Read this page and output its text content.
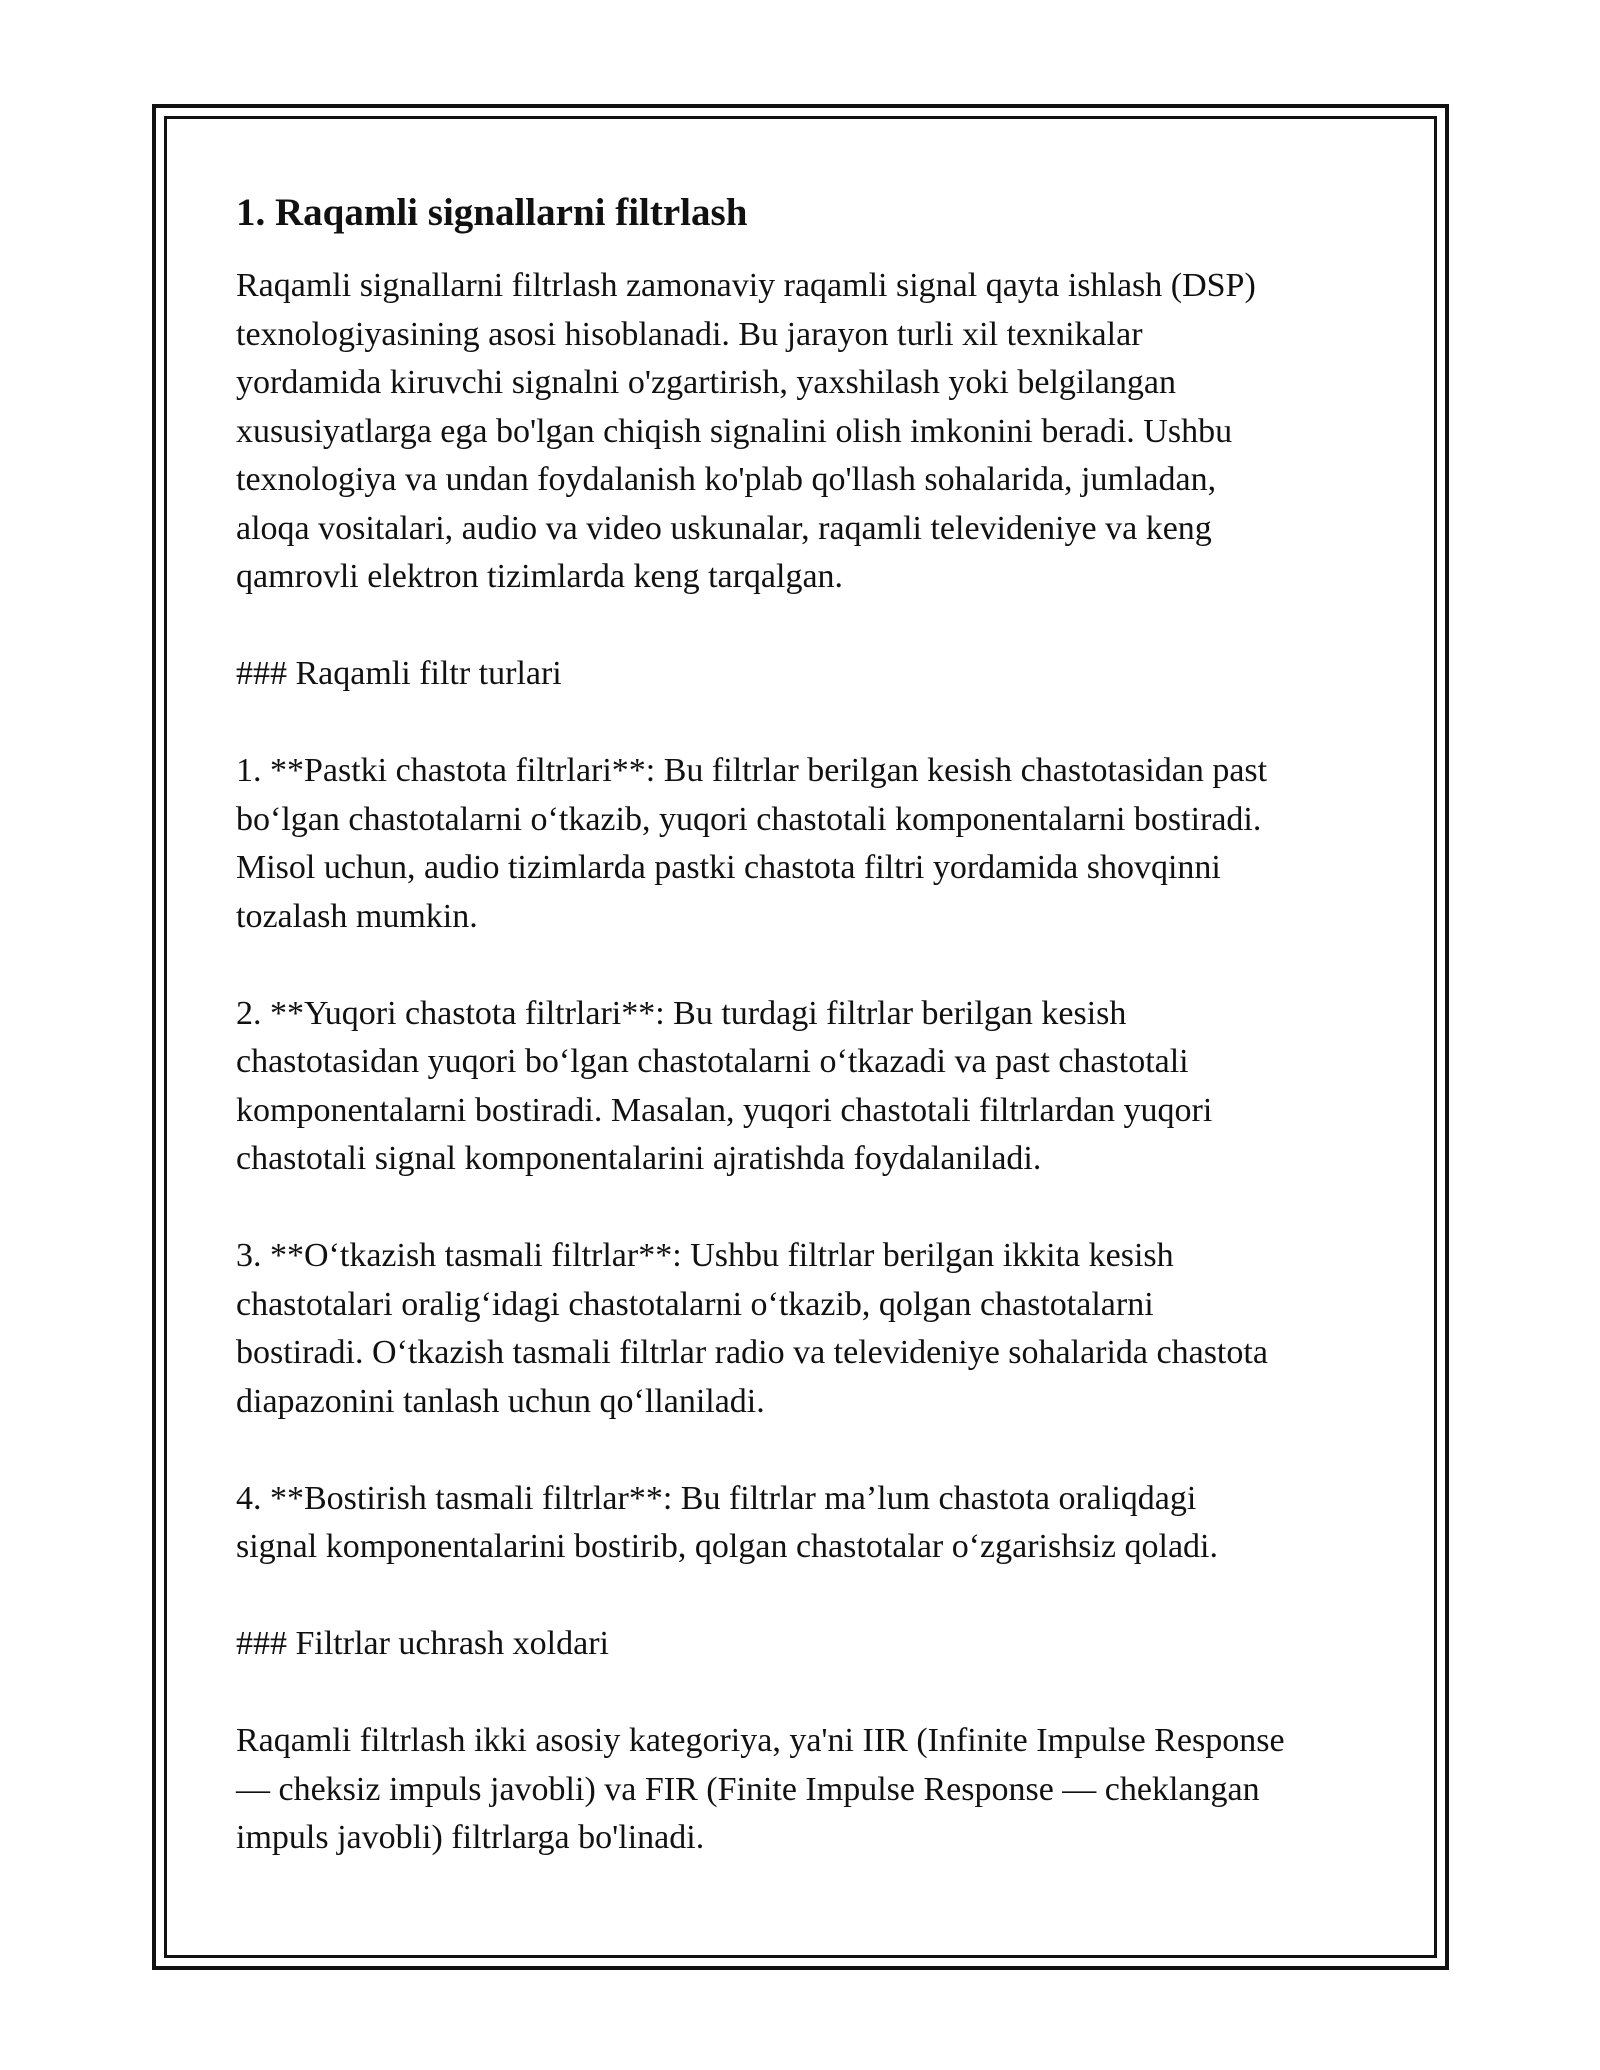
1. Raqamli signallarni filtrlash

Raqamli signallarni filtrlash zamonaviy raqamli signal qayta ishlash (DSP)
texnologiyasining asosi hisoblanadi. Bu jarayon turli xil texnikalar
yordamida kiruvchi signalni o'zgartirish, yaxshilash yoki belgilangan
xususiyatlarga ega bo'lgan chiqish signalini olish imkonini beradi. Ushbu
texnologiya va undan foydalanish ko'plab qo'llash sohalarida, jumladan,
aloqa vositalari, audio va video uskunalar, raqamli televideniye va keng
qamrovli elektron tizimlarda keng tarqalgan.

### Raqamli filtr turlari

1. **Pastki chastota filtrlari**: Bu filtrlar berilgan kesish chastotasidan past
bo‘lgan chastotalarni o‘tkazib, yuqori chastotali komponentalarni bostiradi.
Misol uchun, audio tizimlarda pastki chastota filtri yordamida shovqinni
tozalash mumkin.

2. **Yuqori chastota filtrlari**: Bu turdagi filtrlar berilgan kesish
chastotasidan yuqori bo‘lgan chastotalarni o‘tkazadi va past chastotali
komponentalarni bostiradi. Masalan, yuqori chastotali filtrlardan yuqori
chastotali signal komponentalarini ajratishda foydalaniladi.

3. **O‘tkazish tasmali filtrlar**: Ushbu filtrlar berilgan ikkita kesish
chastotalari oralig‘idagi chastotalarni o‘tkazib, qolgan chastotalarni
bostiradi. O‘tkazish tasmali filtrlar radio va televideniye sohalarida chastota
diapazonini tanlash uchun qo‘llaniladi.

4. **Bostirish tasmali filtrlar**: Bu filtrlar ma’lum chastota oraliqdagi
signal komponentalarini bostirib, qolgan chastotalar o‘zgarishsiz qoladi.

### Filtrlar uchrash xoldari

Raqamli filtrlash ikki asosiy kategoriya, ya'ni IIR (Infinite Impulse Response
— cheksiz impuls javobli) va FIR (Finite Impulse Response — cheklangan
impuls javobli) filtrlarga bo'linadi.
